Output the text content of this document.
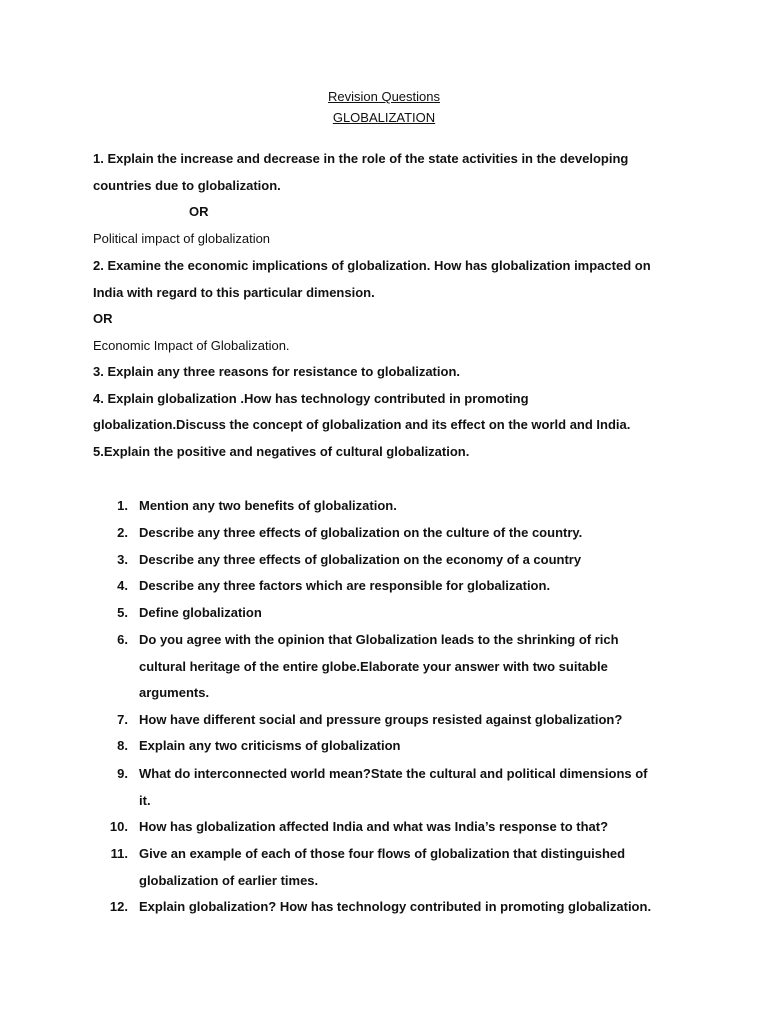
Revision Questions
GLOBALIZATION
1. Explain the increase and decrease in the role of the state activities in the developing
countries due to globalization.
OR
Political impact of globalization
2. Examine the economic implications of globalization. How has globalization impacted on
India with regard to this particular dimension.
OR
Economic Impact of Globalization.
3. Explain any three reasons for resistance to globalization.
4. Explain globalization .How has technology contributed in promoting
globalization.Discuss the concept of globalization and its effect on the world and India.
5.Explain the positive and negatives of cultural globalization.
1. Mention any two benefits of globalization.
2. Describe any three effects of globalization on the culture of the country.
3. Describe any three effects of globalization on the economy of a country
4. Describe any three factors which are responsible for globalization.
5. Define globalization
6. Do you agree with the opinion that Globalization leads to the shrinking of rich
cultural heritage of the entire globe.Elaborate your answer with two suitable
arguments.
7. How have different social and pressure groups resisted against globalization?
8. Explain any two criticisms of globalization
9. What do interconnected world mean?State the cultural and political dimensions of
it.
10. How has globalization affected India and what was India’s response to that?
11. Give an example of each of those four flows of globalization that distinguished
globalization of earlier times.
12. Explain globalization? How has technology contributed in promoting globalization.
